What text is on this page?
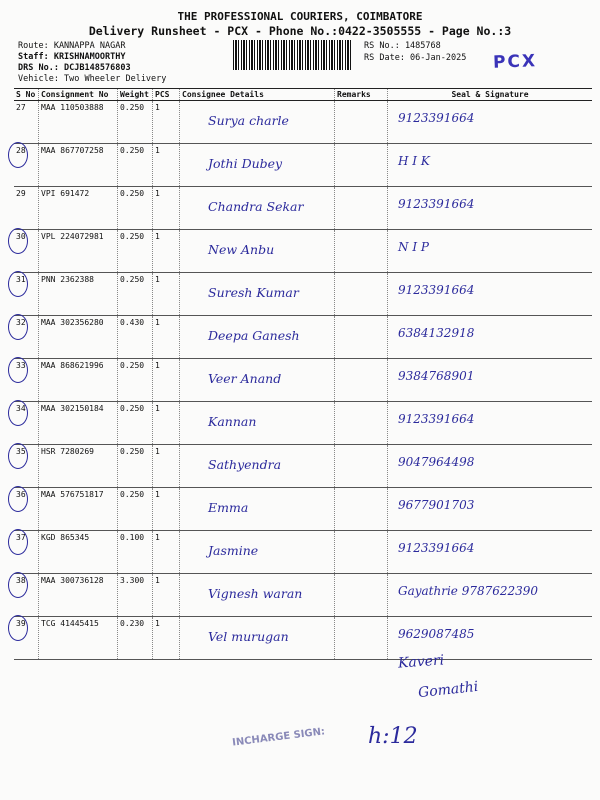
THE PROFESSIONAL COURIERS, COIMBATORE
Delivery Runsheet - PCX - Phone No.:0422-3505555 - Page No.:3
Route: KANNAPPA NAGAR
Staff: KRISHNAMOORTHY
DRS No.: DCJB148576803
Vehicle: Two Wheeler Delivery
RS No.: 1485768
RS Date: 06-Jan-2025 PCX
S No	Consignment No	Weight	PCS	Consignee Details	Remarks	Seal & Signature
27	MAA 110503888	0.250	1	Surya charle		9123391664

28	MAA 867707258	0.250	1	Jothi Dubey		H I K

29	VPI 691472	0.250	1	Chandra Sekar		9123391664

30	VPL 224072981	0.250	1	New Anbu		N I P

31	PNN 2362388	0.250	1	Suresh Kumar		9123391664

32	MAA 302356280	0.430	1	Deepa Ganesh		6384132918

33	MAA 868621996	0.250	1	Veer Anand		9384768901

34	MAA 302150184	0.250	1	Kannan		9123391664

35	HSR 7280269	0.250	1	Sathyendra		9047964498

36	MAA 576751817	0.250	1	Emma		9677901703

37	KGD 865345	0.100	1	Jasmine		9123391664

38	MAA 300736128	3.300	1	Vignesh waran		Gayathrie 9787622390

39	TCG 41445415	0.230	1	Vel murugan		9629087485
Kaveri
Gomathi
INCHARGE SIGN: h:12
